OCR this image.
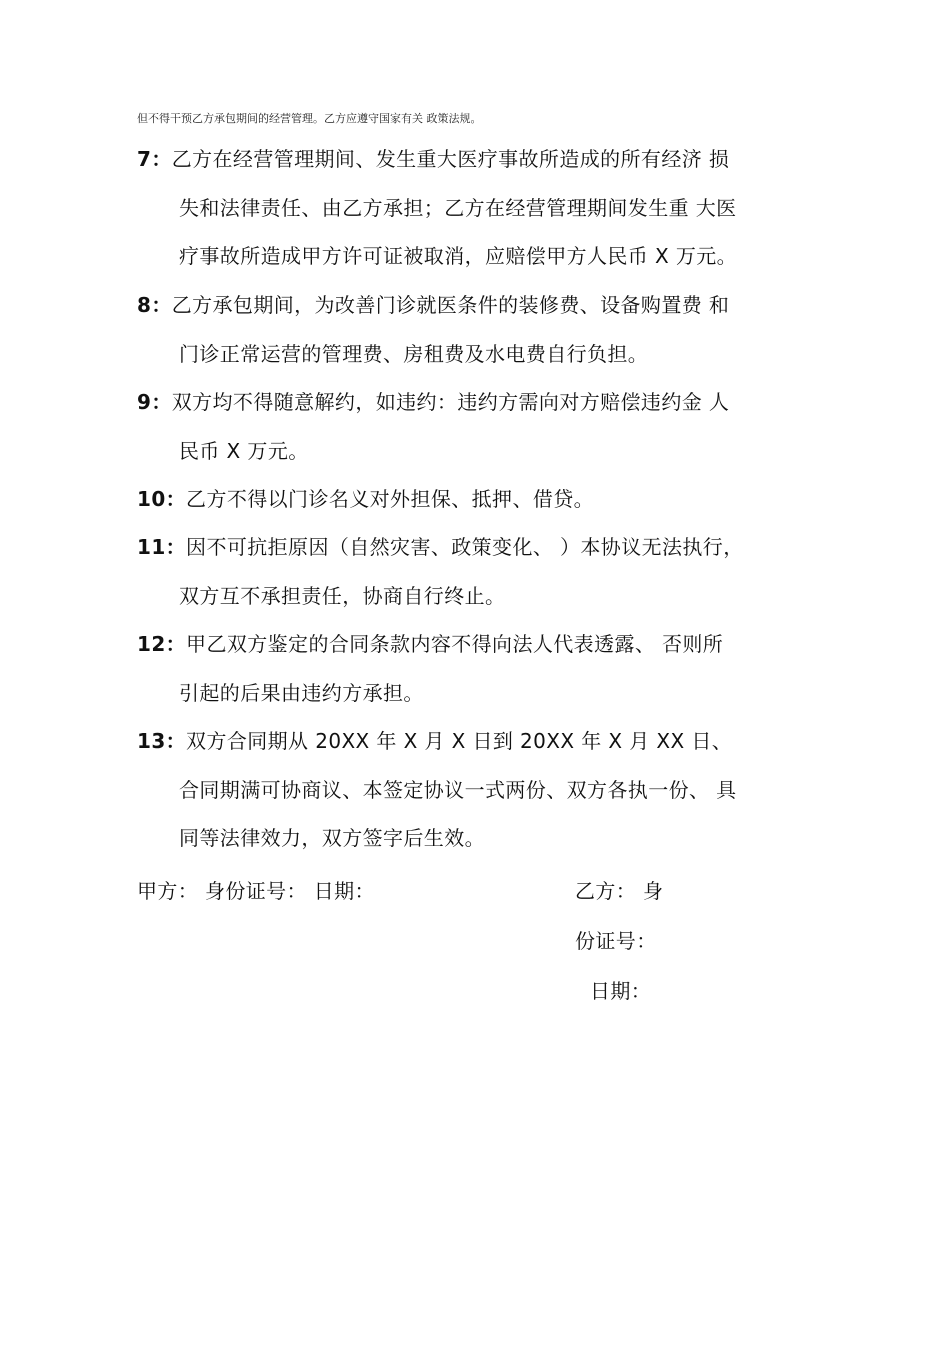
但不得干预乙方承包期间的经营管理。乙方应遵守国家有关 政策法规。
7：乙方在经营管理期间、发生重大医疗事故所造成的所有经济 损
失和法律责任、由乙方承担；乙方在经营管理期间发生重 大医
疗事故所造成甲方许可证被取消，应赔偿甲方人民币 X 万元。
8：乙方承包期间，为改善门诊就医条件的装修费、设备购置费 和
门诊正常运营的管理费、房租费及水电费自行负担。
9：双方均不得随意解约，如违约：违约方需向对方赔偿违约金 人
民币 X 万元。
10：乙方不得以门诊名义对外担保、抵押、借贷。
11：因不可抗拒原因（自然灾害、政策变化、 ）本协议无法执行，
双方互不承担责任，协商自行终止。
12：甲乙双方鉴定的合同条款内容不得向法人代表透露、 否则所
引起的后果由违约方承担。
13：双方合同期从 20XX 年 X 月 X 日到 20XX 年 X 月 XX 日、
合同期满可协商议、本签定协议一式两份、双方各执一份、 具
同等法律效力，双方签字后生效。
甲方： 身份证号： 日期：	乙方： 身
份证号：
日期：
